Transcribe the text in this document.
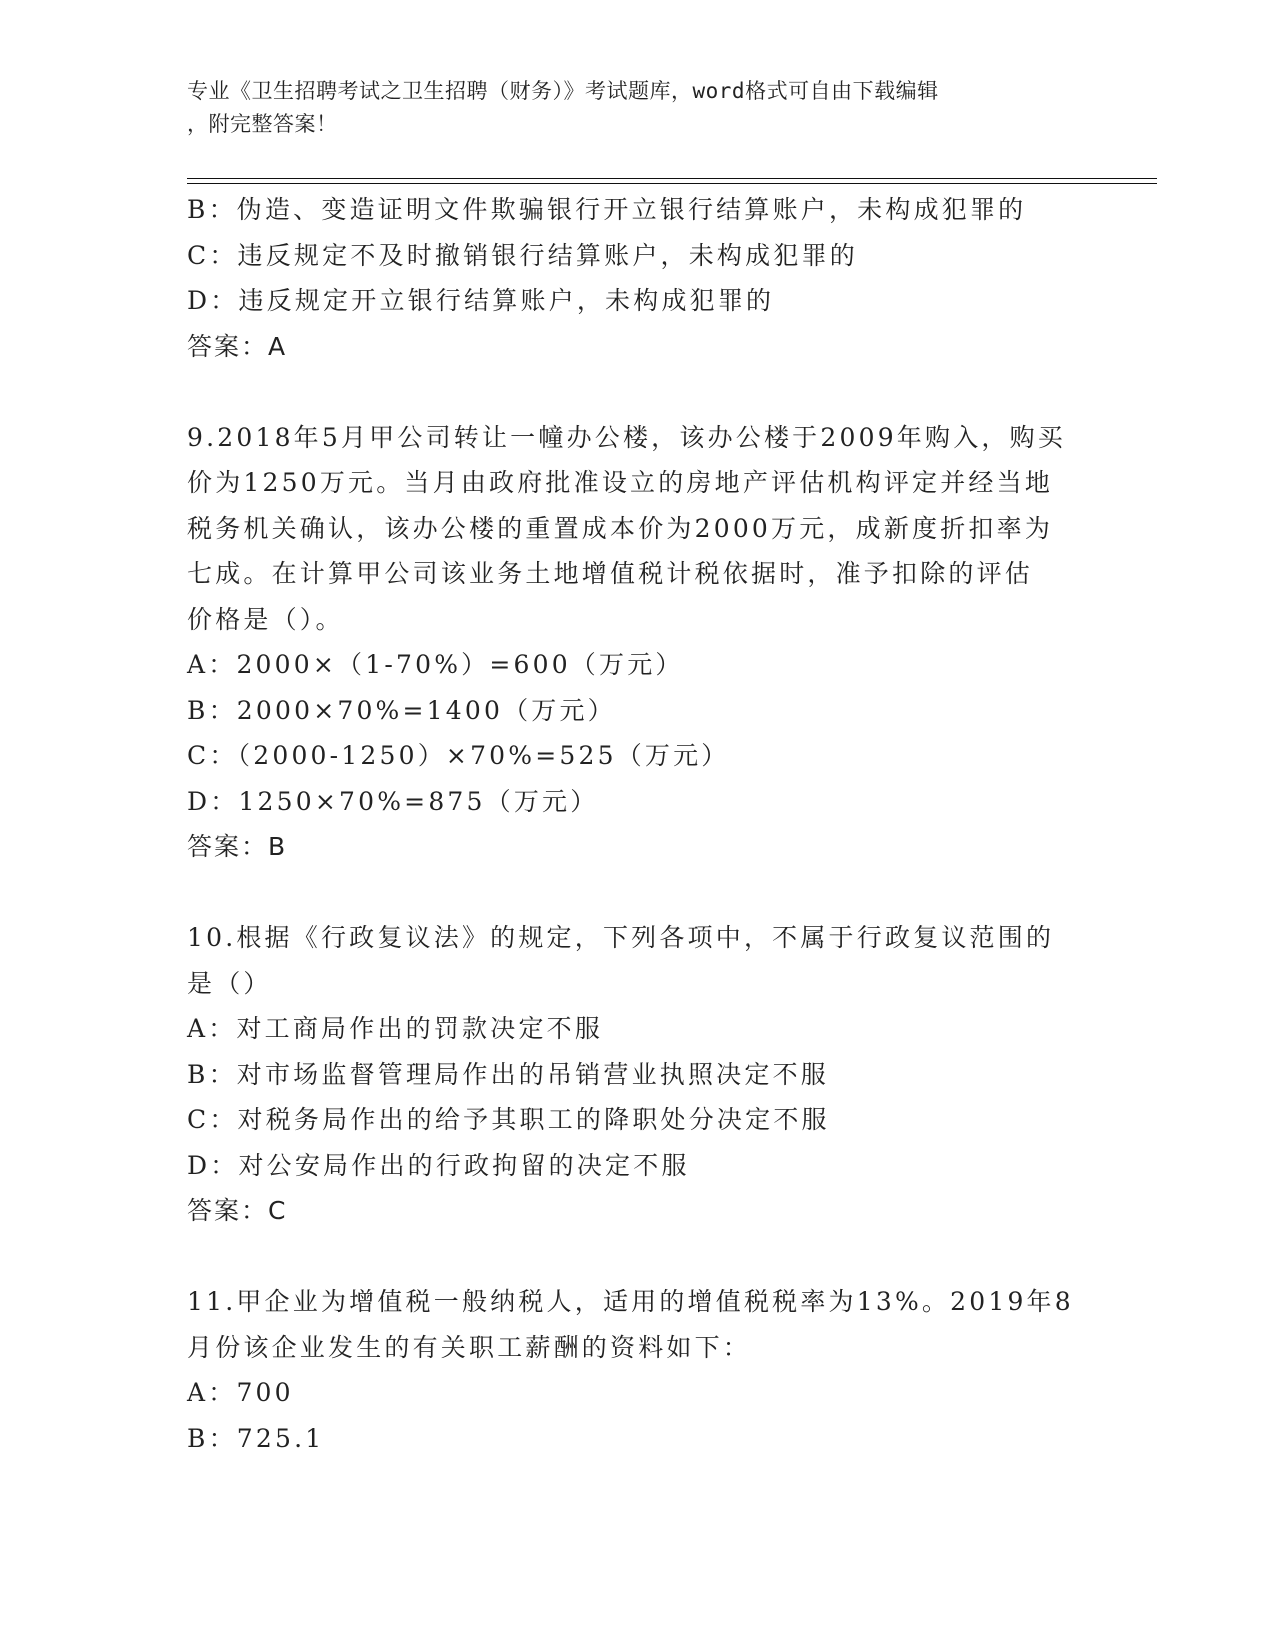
专业《卫生招聘考试之卫生招聘（财务）》考试题库，word格式可自由下载编辑
，附完整答案！
B：伪造、变造证明文件欺骗银行开立银行结算账户，未构成犯罪的
C：违反规定不及时撤销银行结算账户，未构成犯罪的
D：违反规定开立银行结算账户，未构成犯罪的
答案：A
9.2018年5月甲公司转让一幢办公楼，该办公楼于2009年购入，购买
价为1250万元。当月由政府批准设立的房地产评估机构评定并经当地
税务机关确认，该办公楼的重置成本价为2000万元，成新度折扣率为
七成。在计算甲公司该业务土地增值税计税依据时，准予扣除的评估
价格是（）。
A：2000×（1-70%）=600（万元）
B：2000×70%=1400（万元）
C：（2000-1250）×70%=525（万元）
D：1250×70%=875（万元）
答案：B
10.根据《行政复议法》的规定，下列各项中，不属于行政复议范围的
是（）
A：对工商局作出的罚款决定不服
B：对市场监督管理局作出的吊销营业执照决定不服
C：对税务局作出的给予其职工的降职处分决定不服
D：对公安局作出的行政拘留的决定不服
答案：C
11.甲企业为增值税一般纳税人，适用的增值税税率为13%。2019年8
月份该企业发生的有关职工薪酬的资料如下：
A：700
B：725.1
